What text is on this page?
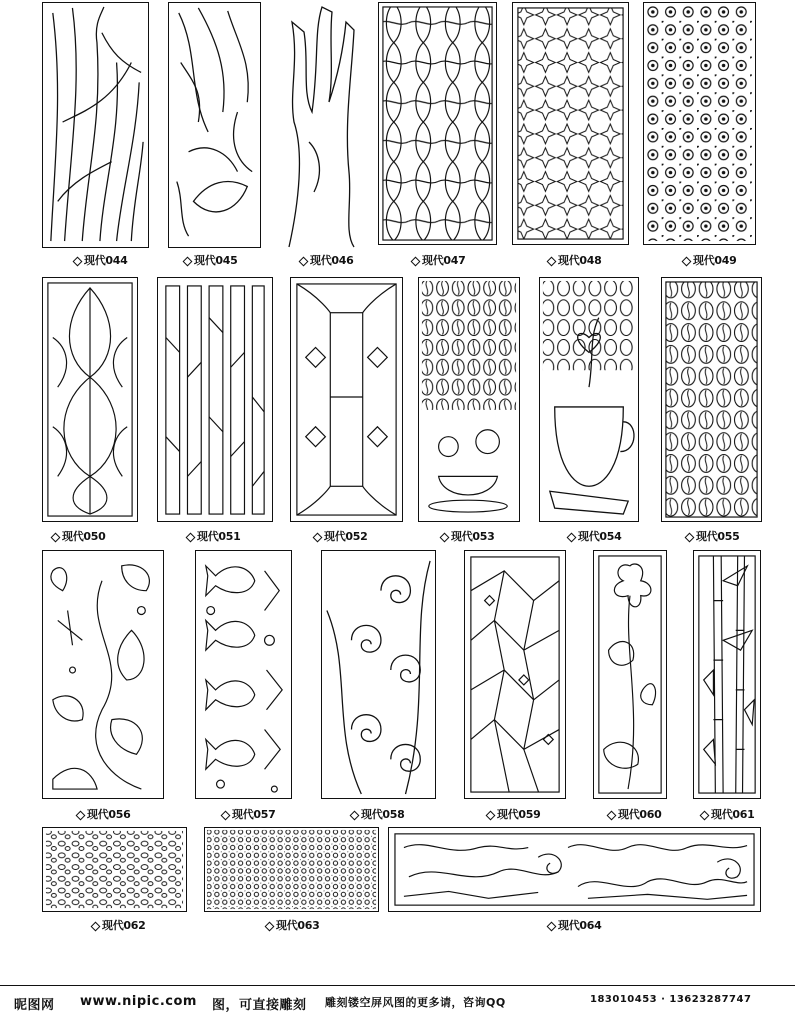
现代044	现代045	现代046	现代047	现代048	现代049
现代050	现代051	现代052	现代053	现代054	现代055
现代056	现代057	现代058	现代059	现代060	现代061
现代062	现代063	现代064
昵图网 www.nipic.com 图，可直接雕刻 雕刻镂空屏风图的更多请，咨询QQ	183010453 · 13623287747
